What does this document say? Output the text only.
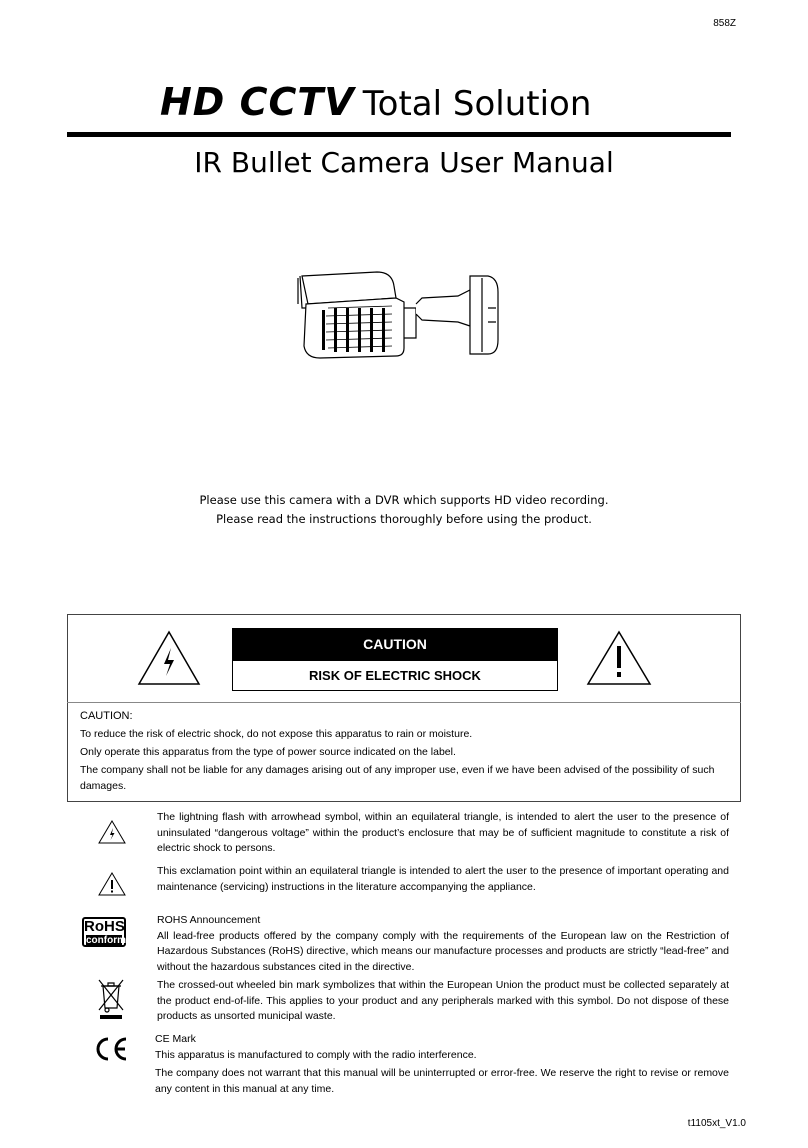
858Z
HD CCTV Total Solution
IR Bullet Camera User Manual
Please use this camera with a DVR which supports HD video recording.
Please read the instructions thoroughly before using the product.
CAUTION
RISK OF ELECTRIC SHOCK
CAUTION:

To reduce the risk of electric shock, do not expose this apparatus to rain or moisture.

Only operate this apparatus from the type of power source indicated on the label.

The company shall not be liable for any damages arising out of any improper use, even if we have been advised of the possibility of such damages.

The lightning flash with arrowhead symbol, within an equilateral triangle, is intended to alert the user to the presence of uninsulated “dangerous voltage” within the product’s enclosure that may be of sufficient magnitude to constitute a risk of electric shock to persons.

This exclamation point within an equilateral triangle is intended to alert the user to the presence of important operating and maintenance (servicing) instructions in the literature accompanying the appliance.

RoHS
conform

ROHS Announcement

All lead-free products offered by the company comply with the requirements of the European law on the Restriction of Hazardous Substances (RoHS) directive, which means our manufacture processes and products are strictly “lead-free” and without the hazardous substances cited in the directive.

The crossed-out wheeled bin mark symbolizes that within the European Union the product must be collected separately at the product end-of-life. This applies to your product and any peripherals marked with this symbol. Do not dispose of these products as unsorted municipal waste.

CE Mark

This apparatus is manufactured to comply with the radio interference.

The company does not warrant that this manual will be uninterrupted or error-free. We reserve the right to revise or remove any content in this manual at any time.

t1105xt_V1.0
